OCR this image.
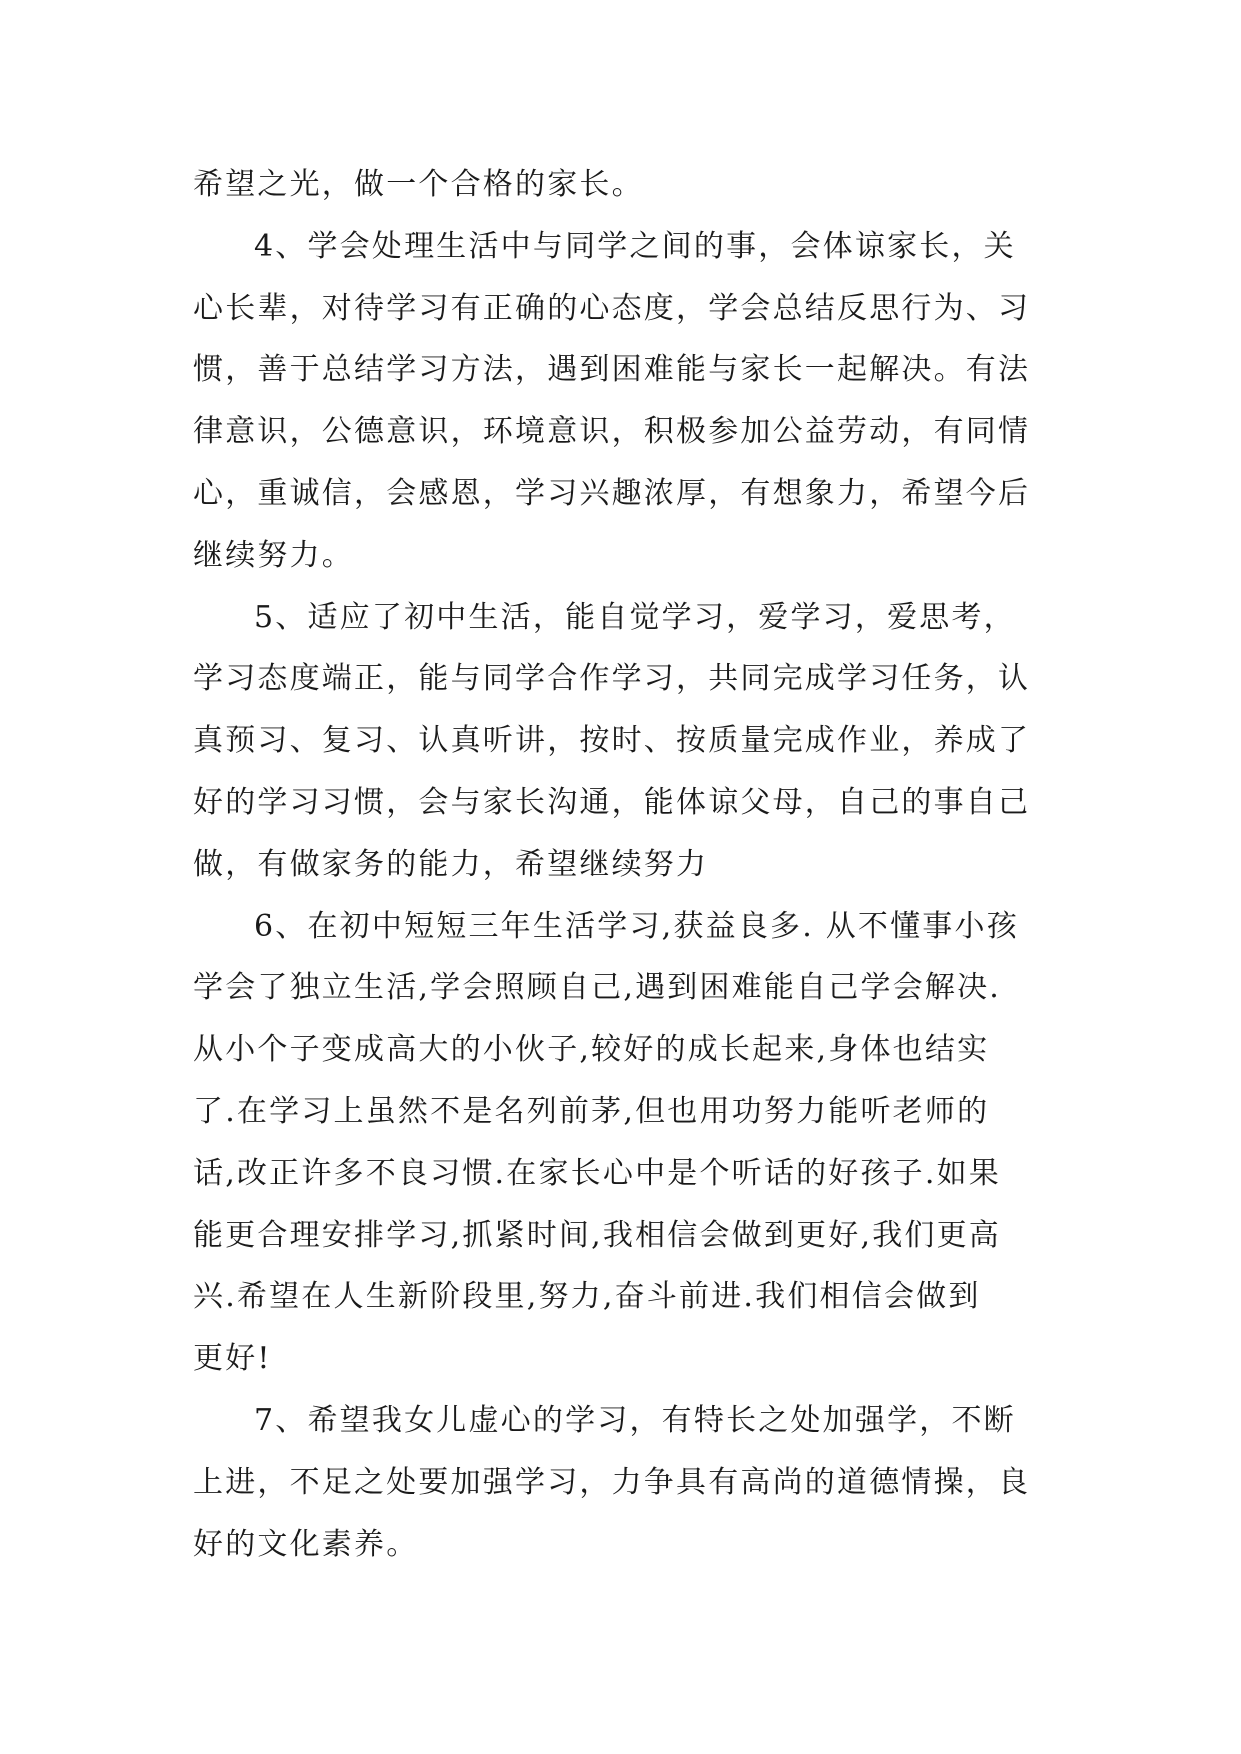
希望之光，做一个合格的家长。
4、学会处理生活中与同学之间的事，会体谅家长，关
心长辈，对待学习有正确的心态度，学会总结反思行为、习
惯，善于总结学习方法，遇到困难能与家长一起解决。有法
律意识，公德意识，环境意识，积极参加公益劳动，有同情
心，重诚信，会感恩，学习兴趣浓厚，有想象力，希望今后
继续努力。
5、适应了初中生活，能自觉学习，爱学习，爱思考，
学习态度端正，能与同学合作学习，共同完成学习任务，认
真预习、复习、认真听讲，按时、按质量完成作业，养成了
好的学习习惯，会与家长沟通，能体谅父母，自己的事自己
做，有做家务的能力，希望继续努力
6、在初中短短三年生活学习,获益良多. 从不懂事小孩
学会了独立生活,学会照顾自己,遇到困难能自己学会解决.
从小个子变成高大的小伙子,较好的成长起来,身体也结实
了.在学习上虽然不是名列前茅,但也用功努力能听老师的
话,改正许多不良习惯.在家长心中是个听话的好孩子.如果
能更合理安排学习,抓紧时间,我相信会做到更好,我们更高
兴.希望在人生新阶段里,努力,奋斗前进.我们相信会做到
更好!
7、希望我女儿虚心的学习，有特长之处加强学，不断
上进，不足之处要加强学习，力争具有高尚的道德情操，良
好的文化素养。
